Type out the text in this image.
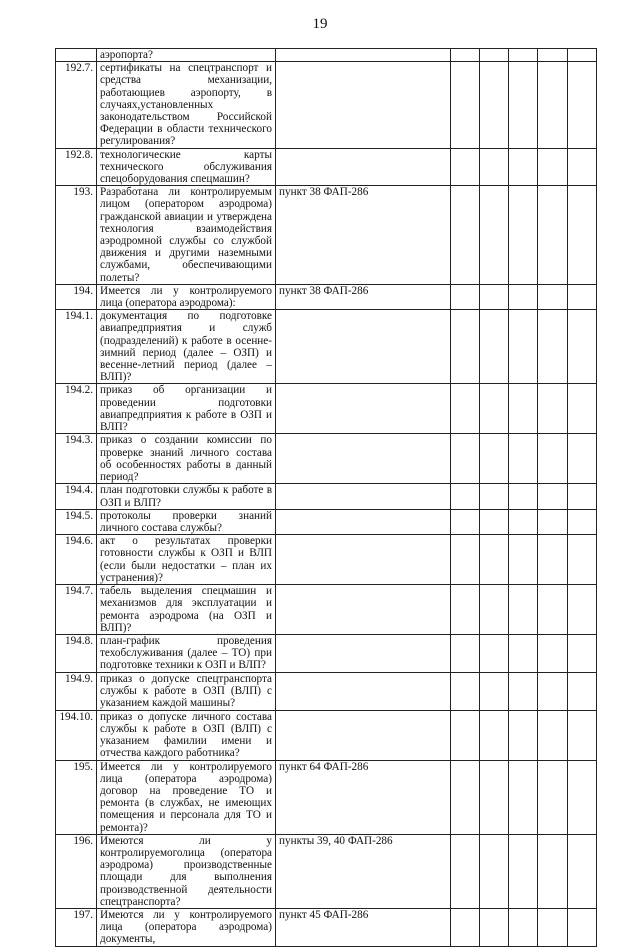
19
	аэропорта?						
192.7.	сертификаты на спецтранспорт и средства механизации, работающиев аэропорту, в случаях,установленных законодательством Российской Федерации в области технического регулирования?						
192.8.	технологические карты технического обслуживания спецоборудования спецмашин?						
193.	Разработана ли контролируемым лицом (оператором аэродрома) гражданской авиации и утверждена технология взаимодействия аэродромной службы со службой движения и другими наземными службами, обеспечивающими полеты?	пункт 38 ФАП-286					
194.	Имеется ли у контролируемого лица (оператора аэродрома):	пункт 38 ФАП-286					
194.1.	документация по подготовке авиапредприятия и служб (подразделений) к работе в осенне-зимний период (далее – ОЗП) и весенне-летний период (далее – ВЛП)?						
194.2.	приказ об организации и проведении подготовки авиапредприятия к работе в ОЗП и ВЛП?						
194.3.	приказ о создании комиссии по проверке знаний личного состава об особенностях работы в данный период?						
194.4.	план подготовки службы к работе в ОЗП и ВЛП?						
194.5.	протоколы проверки знаний личного состава службы?						
194.6.	акт о результатах проверки готовности службы к ОЗП и ВЛП (если были недостатки – план их устранения)?						
194.7.	табель выделения спецмашин и механизмов для эксплуатации и ремонта аэродрома (на ОЗП и ВЛП)?						
194.8.	план-график проведения техобслуживания (далее – ТО) при подготовке техники к ОЗП и ВЛП?						
194.9.	приказ о допуске спецтранспорта службы к работе в ОЗП (ВЛП) с указанием каждой машины?						
194.10.	приказ о допуске личного состава службы к работе в ОЗП (ВЛП) с указанием фамилии имени и отчества каждого работника?						
195.	Имеется ли у контролируемого лица (оператора аэродрома) договор на проведение ТО и ремонта (в службах, не имеющих помещения и персонала для ТО и ремонта)?	пункт 64 ФАП-286					
196.	Имеются ли у контролируемоголица (оператора аэродрома) производственные площади для выполнения производственной деятельности спецтранспорта?	пункты 39, 40 ФАП-286					
197.	Имеются ли у контролируемого лица (оператора аэродрома) документы,	пункт 45 ФАП-286					
